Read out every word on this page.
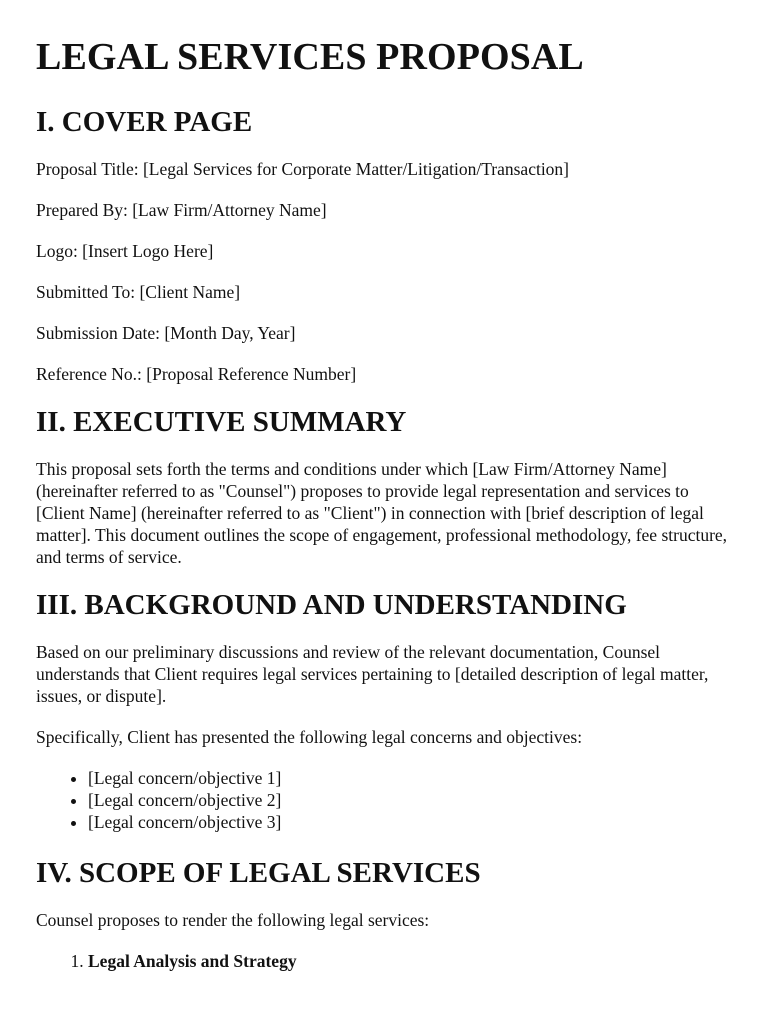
LEGAL SERVICES PROPOSAL
I. COVER PAGE
Proposal Title: [Legal Services for Corporate Matter/Litigation/Transaction]
Prepared By: [Law Firm/Attorney Name]
Logo: [Insert Logo Here]
Submitted To: [Client Name]
Submission Date: [Month Day, Year]
Reference No.: [Proposal Reference Number]
II. EXECUTIVE SUMMARY

This proposal sets forth the terms and conditions under which [Law Firm/Attorney Name] (hereinafter referred to as "Counsel") proposes to provide legal representation and services to [Client Name] (hereinafter referred to as "Client") in connection with [brief description of legal matter]. This document outlines the scope of engagement, professional methodology, fee structure, and terms of service.

III. BACKGROUND AND UNDERSTANDING

Based on our preliminary discussions and review of the relevant documentation, Counsel understands that Client requires legal services pertaining to [detailed description of legal matter, issues, or dispute].

Specifically, Client has presented the following legal concerns and objectives:

• [Legal concern/objective 1]
• [Legal concern/objective 2]
• [Legal concern/objective 3]
IV. SCOPE OF LEGAL SERVICES

Counsel proposes to render the following legal services:

1. Legal Analysis and Strategy
